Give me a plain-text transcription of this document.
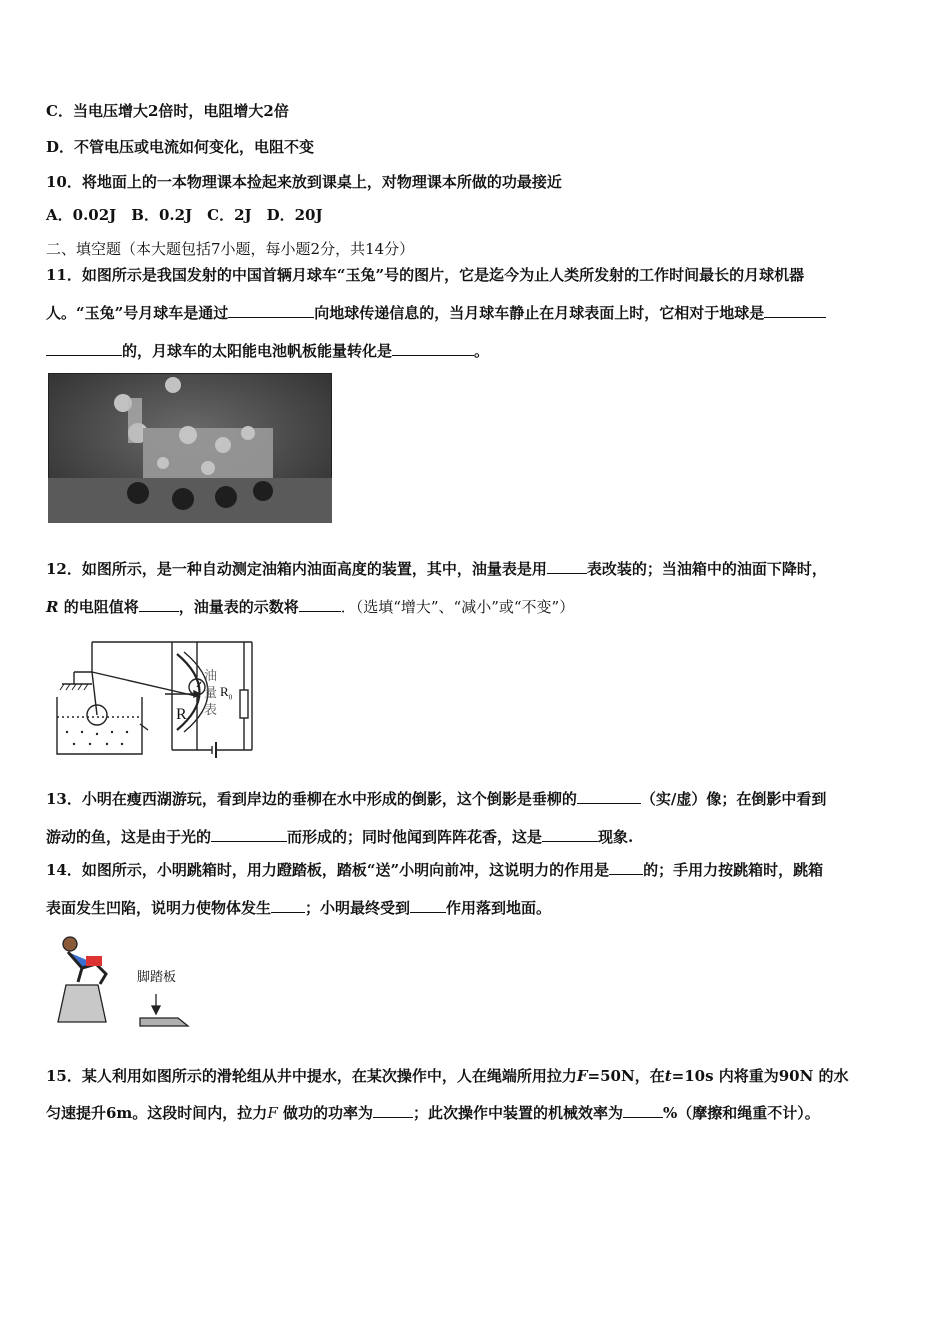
C．当电压增大2倍时，电阻增大2倍
D．不管电压或电流如何变化，电阻不变
10．将地面上的一本物理课本捡起来放到课桌上，对物理课本所做的功最接近
A．0.02J　B．0.2J　C．2J　D．20J
二、填空题（本大题包括7小题，每小题2分，共14分）
11．如图所示是我国发射的中国首辆月球车“玉兔”号的图片，它是迄今为止人类所发射的工作时间最长的月球机器
人。“玉兔”号月球车是通过	向地球传递信息的，当月球车静止在月球表面上时，它相对于地球是
的，月球车的太阳能电池帆板能量转化是	。
12．如图所示，是一种自动测定油箱内油面高度的装置，其中，油量表是用	表改装的；当油箱中的油面下降时，
R 的电阻值将	，油量表的示数将	．（选填“增大”、“减小”或“不变”）
R
$R_0$
油
量
表
13．小明在瘦西湖游玩，看到岸边的垂柳在水中形成的倒影，这个倒影是垂柳的	（实/虚）像；在倒影中看到
游动的鱼，这是由于光的	而形成的；同时他闻到阵阵花香，这是	现象.
14．如图所示，小明跳箱时，用力蹬踏板，踏板“送”小明向前冲，这说明力的作用是 的；手用力按跳箱时，跳箱
表面发生凹陷，说明力使物体发生 ；小明最终受到 作用落到地面。
脚踏板
15．某人利用如图所示的滑轮组从井中提水，在某次操作中，人在绳端所用拉力F=50N，在t=10s 内将重为90N 的水
匀速提升6m。这段时间内，拉力F 做功的功率为	；此次操作中装置的机械效率为	%（摩擦和绳重不计）。
